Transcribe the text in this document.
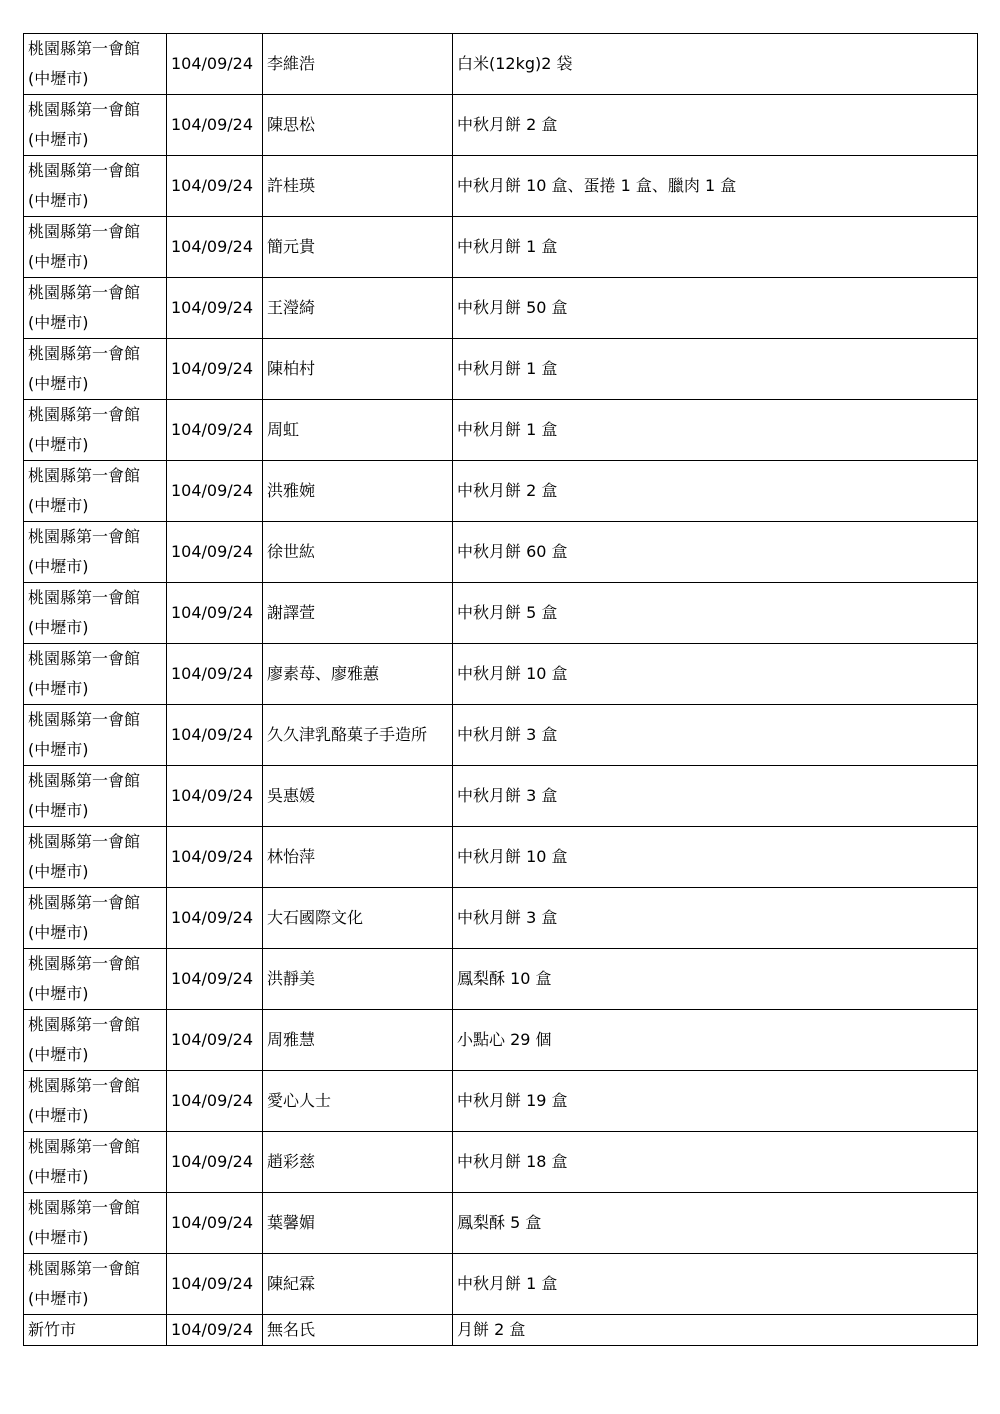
桃園縣第一會館
(中壢市)	104/09/24	李維浩	白米(12kg)2 袋

桃園縣第一會館
(中壢市)	104/09/24	陳思松	中秋月餅 2 盒

桃園縣第一會館
(中壢市)	104/09/24	許桂瑛	中秋月餅 10 盒、蛋捲 1 盒、臘肉 1 盒

桃園縣第一會館
(中壢市)	104/09/24	簡元貴	中秋月餅 1 盒

桃園縣第一會館
(中壢市)	104/09/24	王瀅綺	中秋月餅 50 盒

桃園縣第一會館
(中壢市)	104/09/24	陳柏村	中秋月餅 1 盒

桃園縣第一會館
(中壢市)	104/09/24	周虹	中秋月餅 1 盒

桃園縣第一會館
(中壢市)	104/09/24	洪雅婉	中秋月餅 2 盒

桃園縣第一會館
(中壢市)	104/09/24	徐世紘	中秋月餅 60 盒

桃園縣第一會館
(中壢市)	104/09/24	謝譯萱	中秋月餅 5 盒

桃園縣第一會館
(中壢市)	104/09/24	廖素苺、廖雅蕙	中秋月餅 10 盒

桃園縣第一會館
(中壢市)	104/09/24	久久津乳酪菓子手造所	中秋月餅 3 盒

桃園縣第一會館
(中壢市)	104/09/24	吳惠媛	中秋月餅 3 盒

桃園縣第一會館
(中壢市)	104/09/24	林怡萍	中秋月餅 10 盒

桃園縣第一會館
(中壢市)	104/09/24	大石國際文化	中秋月餅 3 盒

桃園縣第一會館
(中壢市)	104/09/24	洪靜美	鳳梨酥 10 盒

桃園縣第一會館
(中壢市)	104/09/24	周雅慧	小點心 29 個

桃園縣第一會館
(中壢市)	104/09/24	愛心人士	中秋月餅 19 盒

桃園縣第一會館
(中壢市)	104/09/24	趙彩慈	中秋月餅 18 盒

桃園縣第一會館
(中壢市)	104/09/24	葉馨媚	鳳梨酥 5 盒

桃園縣第一會館
(中壢市)	104/09/24	陳紀霖	中秋月餅 1 盒

新竹市	104/09/24	無名氏	月餅 2 盒
